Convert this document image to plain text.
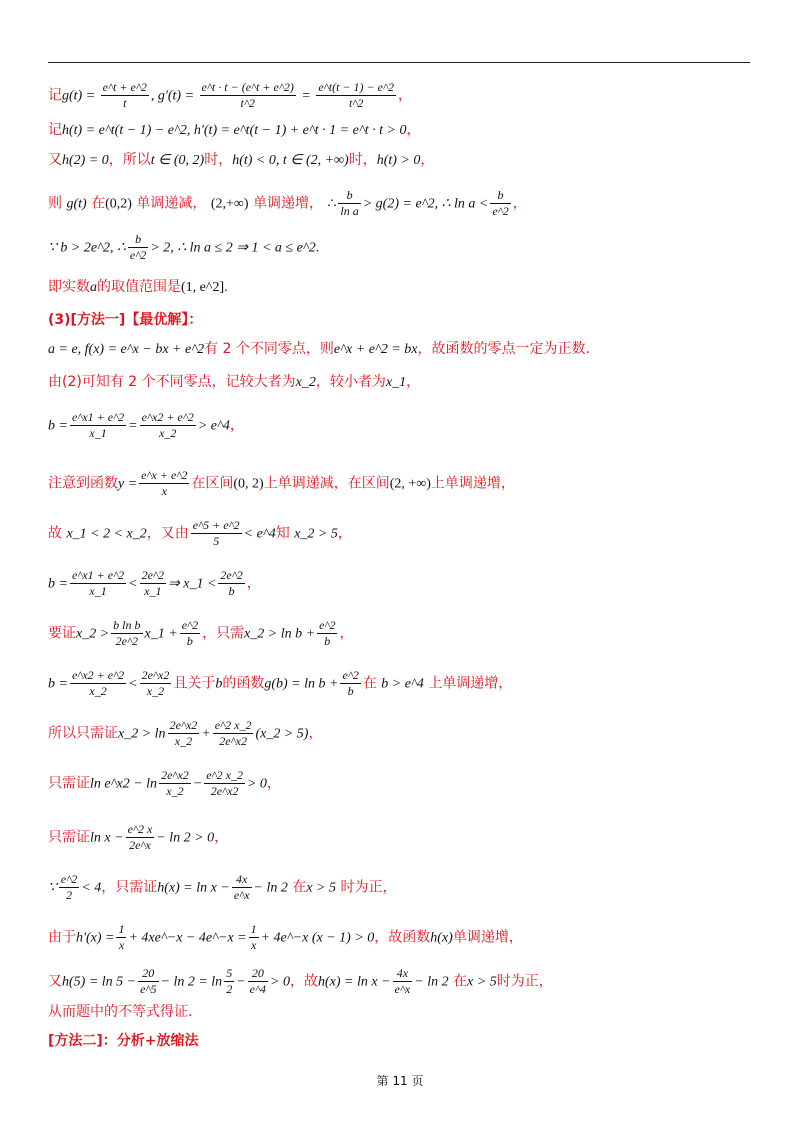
记$g(t) = \frac{e\^{}t + e\^{}2}{t}$ , $g'(t) = \frac{e\^{}t \cdot t - (e\^{}t + e\^{}2)}{t\^{}2} = \frac{e\^{}t(t - 1) - e\^{}2}{t\^{}2}$ ，
记h(t) = e^t(t − 1) − e^2, h'(t) = e^t(t − 1) + e^t · 1 = e^t · t > 0，
又h(2) = 0，所以t ∈ (0, 2)时，h(t) < 0, t ∈ (2, +∞)时，h(t) > 0，
则 g(t) 在(0,2) 单调递减， (2,+∞) 单调递增， ∴ $\frac{b}{\text{ln a}} > g(2)$ = e^2, ∴ $\ln a < \frac{b}{e\^{}2}$ ，
∵ b > 2e^2, ∴ $\frac{b}{e\^{}2} > 2$, ∴ ln a ≤ 2 ⇒ 1 < a ≤ e^2.
即实数a的取值范围是(1, e^2].
(3)[方法一]【最优解】：
a = e, f(x) = e^x − bx + e^2有 2 个不同零点，则e^x + e^2 = bx，故函数的零点一定为正数.
由(2)可知有 2 个不同零点，记较大者为x_2，较小者为x_1，
$b = \frac{e\^{}x1 + e\^{}2}{x\_1} = \frac{e\^{}x2 + e\^{}2}{x\_2}$ > e^4，
注意到函数$y = \frac{e\^{}x + e\^{}2}{x}$ 在区间(0, 2)上单调递减，在区间(2, +∞)上单调递增，
故 x_1 < 2 < x_2，又由 $\frac{e\^{}5 + e\^{}2}{5}$ < e^4知 x_2 > 5，
$b = \frac{e\^{}x1 + e\^{}2}{x\_1} < \frac{2e\^{}2}{x\_1}$ ⇒ x_1 < $\frac{2e\^{}2}{b}$ ，
要证x_2 > $\frac{\text{b ln b}}{2e\^{}2}$ x_1 + $\frac{e\^{}2}{b}$ ，只需x_2 > $\ln b + \frac{e\^{}2}{b}$ ，
$b = \frac{e\^{}x2 + e\^{}2}{x\_2} < \frac{2e\^{}x2}{x\_2}$ 且关于b的函数$g(b) = \ln b + \frac{e\^{}2}{b}$ 在 b > e^4 上单调递增，
所以只需证x_2 > $\ln \frac{2e\^{}x2}{x\_2} + \frac{e\^{}2 x\_2}{2e\^{}x2}$ (x_2 > 5)，
只需证ln e^x2 − $\ln \frac{2e\^{}x2}{x\_2} - \frac{e\^{}2 x\_2}{2e\^{}x2} > 0$，
只需证$\ln x - \frac{e\^{}2 x}{2e\^{}x} - \ln 2 > 0$，
∵ $\frac{e\^{}2}{2} < 4$，只需证$h(x) = \ln x - \frac{4x}{e\^{}x} - \ln 2$ 在x > 5 时为正，
由于$h'(x) = \frac{1}{x}$ + 4xe^−x − 4e^−x = $\frac{1}{x}$ + 4e^−x (x − 1) > 0，故函数h(x)单调递增，
又$h(5) = \ln 5 - \frac{20}{e\^{}5} - \ln 2 = \ln \frac{5}{2} - \frac{20}{e\^{}4} > 0$，故$h(x) = \ln x - \frac{4x}{e\^{}x} - \ln 2$ 在x > 5时为正，
从而题中的不等式得证.
[方法二]：分析+放缩法
第 11 页
